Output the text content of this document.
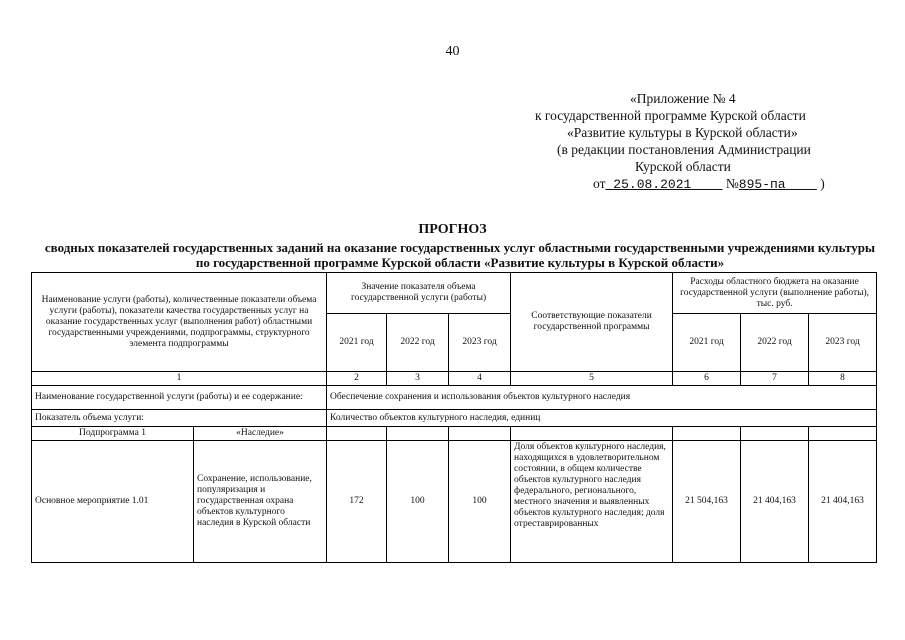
40
«Приложение № 4
к государственной программе Курской области
«Развитие культуры в Курской области»
(в редакции постановления Администрации
Курской области
от 25.08.2021	№895-па	)
ПРОГНОЗ
сводных показателей государственных заданий на оказание государственных услуг областными государственными учреждениями культуры по государственной программе Курской области «Развитие культуры в Курской области»
Наименование услуги (работы), количественные показатели объема услуги (работы), показатели качества государственных услуг на оказание государственных услуг (выполнения работ) областными государственными учреждениями, подпрограммы, структурного элемента подпрограммы		Значение показателя объема государственной услуги (работы)			Соответствующие показатели государственной программы	Расходы областного бюджета на оказание государственной услуги (выполнение работы), тыс. руб.		
		2021 год	2022 год	2023 год		2021 год	2022 год	2023 год
1		2	3	4	5	6	7	8
Наименование государственной услуги (работы) и ее содержание:		Обеспечение сохранения и использования объектов культурного наследия						
Показатель объема услуги:		Количество объектов культурного наследия, единиц						
Подпрограмма 1	«Наследие»							
Основное мероприятие 1.01	Сохранение, использование, популяризация и государственная охрана объектов культурного наследия в Курской области	172	100	100	Доля объектов культурного наследия, находящихся в удовлетворительном состоянии, в общем количестве объектов культурного наследия федерального, регионального, местного значения и выявленных объектов культурного наследия; доля отреставрированных	21 504,163	21 404,163	21 404,163
